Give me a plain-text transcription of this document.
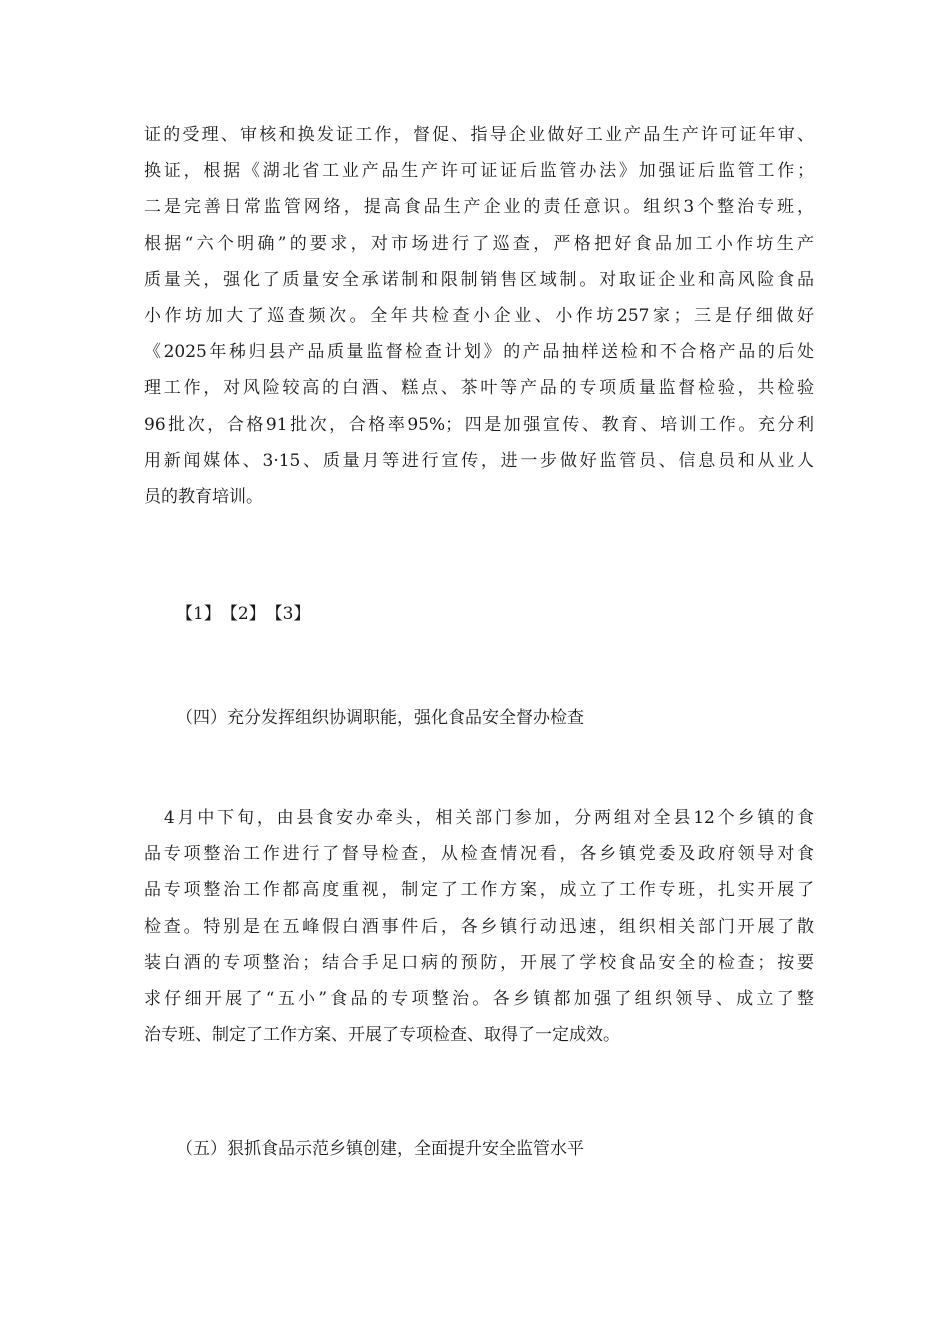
证的受理、审核和换发证工作，督促、指导企业做好工业产品生产许可证年审、
换证，根据《湖北省工业产品生产许可证证后监管办法》加强证后监管工作；
二是完善日常监管网络，提高食品生产企业的责任意识。组织3个整治专班，
根据“六个明确”的要求，对市场进行了巡查，严格把好食品加工小作坊生产
质量关，强化了质量安全承诺制和限制销售区域制。对取证企业和高风险食品
小作坊加大了巡查频次。全年共检查小企业、小作坊257家；三是仔细做好
《2025年秭归县产品质量监督检查计划》的产品抽样送检和不合格产品的后处
理工作，对风险较高的白酒、糕点、茶叶等产品的专项质量监督检验，共检验
96批次，合格91批次，合格率95%；四是加强宣传、教育、培训工作。充分利
用新闻媒体、3·15、质量月等进行宣传，进一步做好监管员、信息员和从业人
员的教育培训。
【1】【2】【3】
（四）充分发挥组织协调职能，强化食品安全督办检查
　4月中下旬，由县食安办牵头，相关部门参加，分两组对全县12个乡镇的食
品专项整治工作进行了督导检查，从检查情况看，各乡镇党委及政府领导对食
品专项整治工作都高度重视，制定了工作方案，成立了工作专班，扎实开展了
检查。特别是在五峰假白酒事件后，各乡镇行动迅速，组织相关部门开展了散
装白酒的专项整治；结合手足口病的预防，开展了学校食品安全的检查；按要
求仔细开展了“五小”食品的专项整治。各乡镇都加强了组织领导、成立了整
治专班、制定了工作方案、开展了专项检查、取得了一定成效。
（五）狠抓食品示范乡镇创建，全面提升安全监管水平
